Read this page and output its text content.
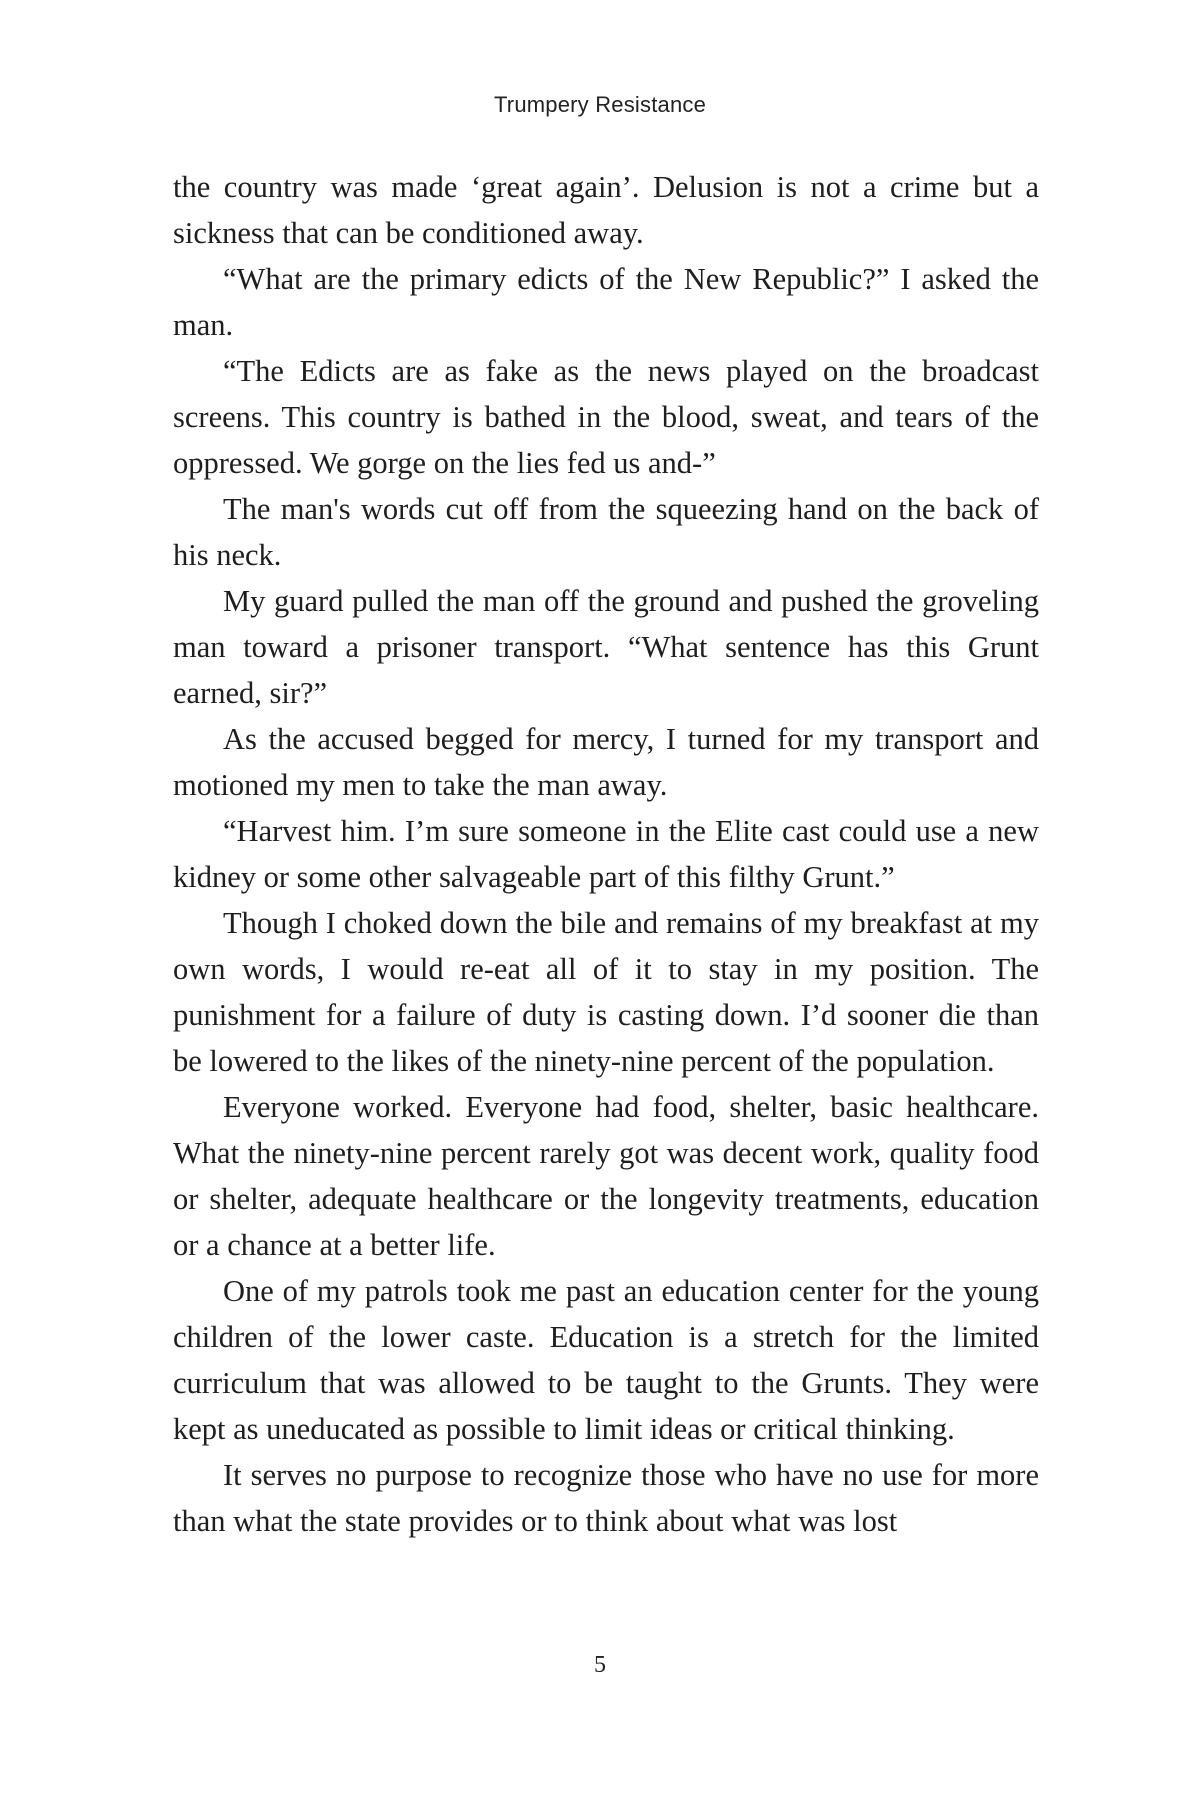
Trumpery Resistance

the country was made ‘great again’. Delusion is not a crime but a sickness that can be conditioned away.

“What are the primary edicts of the New Republic?” I asked the man.

“The Edicts are as fake as the news played on the broadcast screens. This country is bathed in the blood, sweat, and tears of the oppressed. We gorge on the lies fed us and-”

The man's words cut off from the squeezing hand on the back of his neck.

My guard pulled the man off the ground and pushed the groveling man toward a prisoner transport. “What sentence has this Grunt earned, sir?”

As the accused begged for mercy, I turned for my transport and motioned my men to take the man away.

“Harvest him. I’m sure someone in the Elite cast could use a new kidney or some other salvageable part of this filthy Grunt.”

Though I choked down the bile and remains of my breakfast at my own words, I would re-eat all of it to stay in my position. The punishment for a failure of duty is casting down. I’d sooner die than be lowered to the likes of the ninety-nine percent of the population.

Everyone worked. Everyone had food, shelter, basic healthcare. What the ninety-nine percent rarely got was decent work, quality food or shelter, adequate healthcare or the longevity treatments, education or a chance at a better life.

One of my patrols took me past an education center for the young children of the lower caste. Education is a stretch for the limited curriculum that was allowed to be taught to the Grunts. They were kept as uneducated as possible to limit ideas or critical thinking.

It serves no purpose to recognize those who have no use for more than what the state provides or to think about what was lost

5
